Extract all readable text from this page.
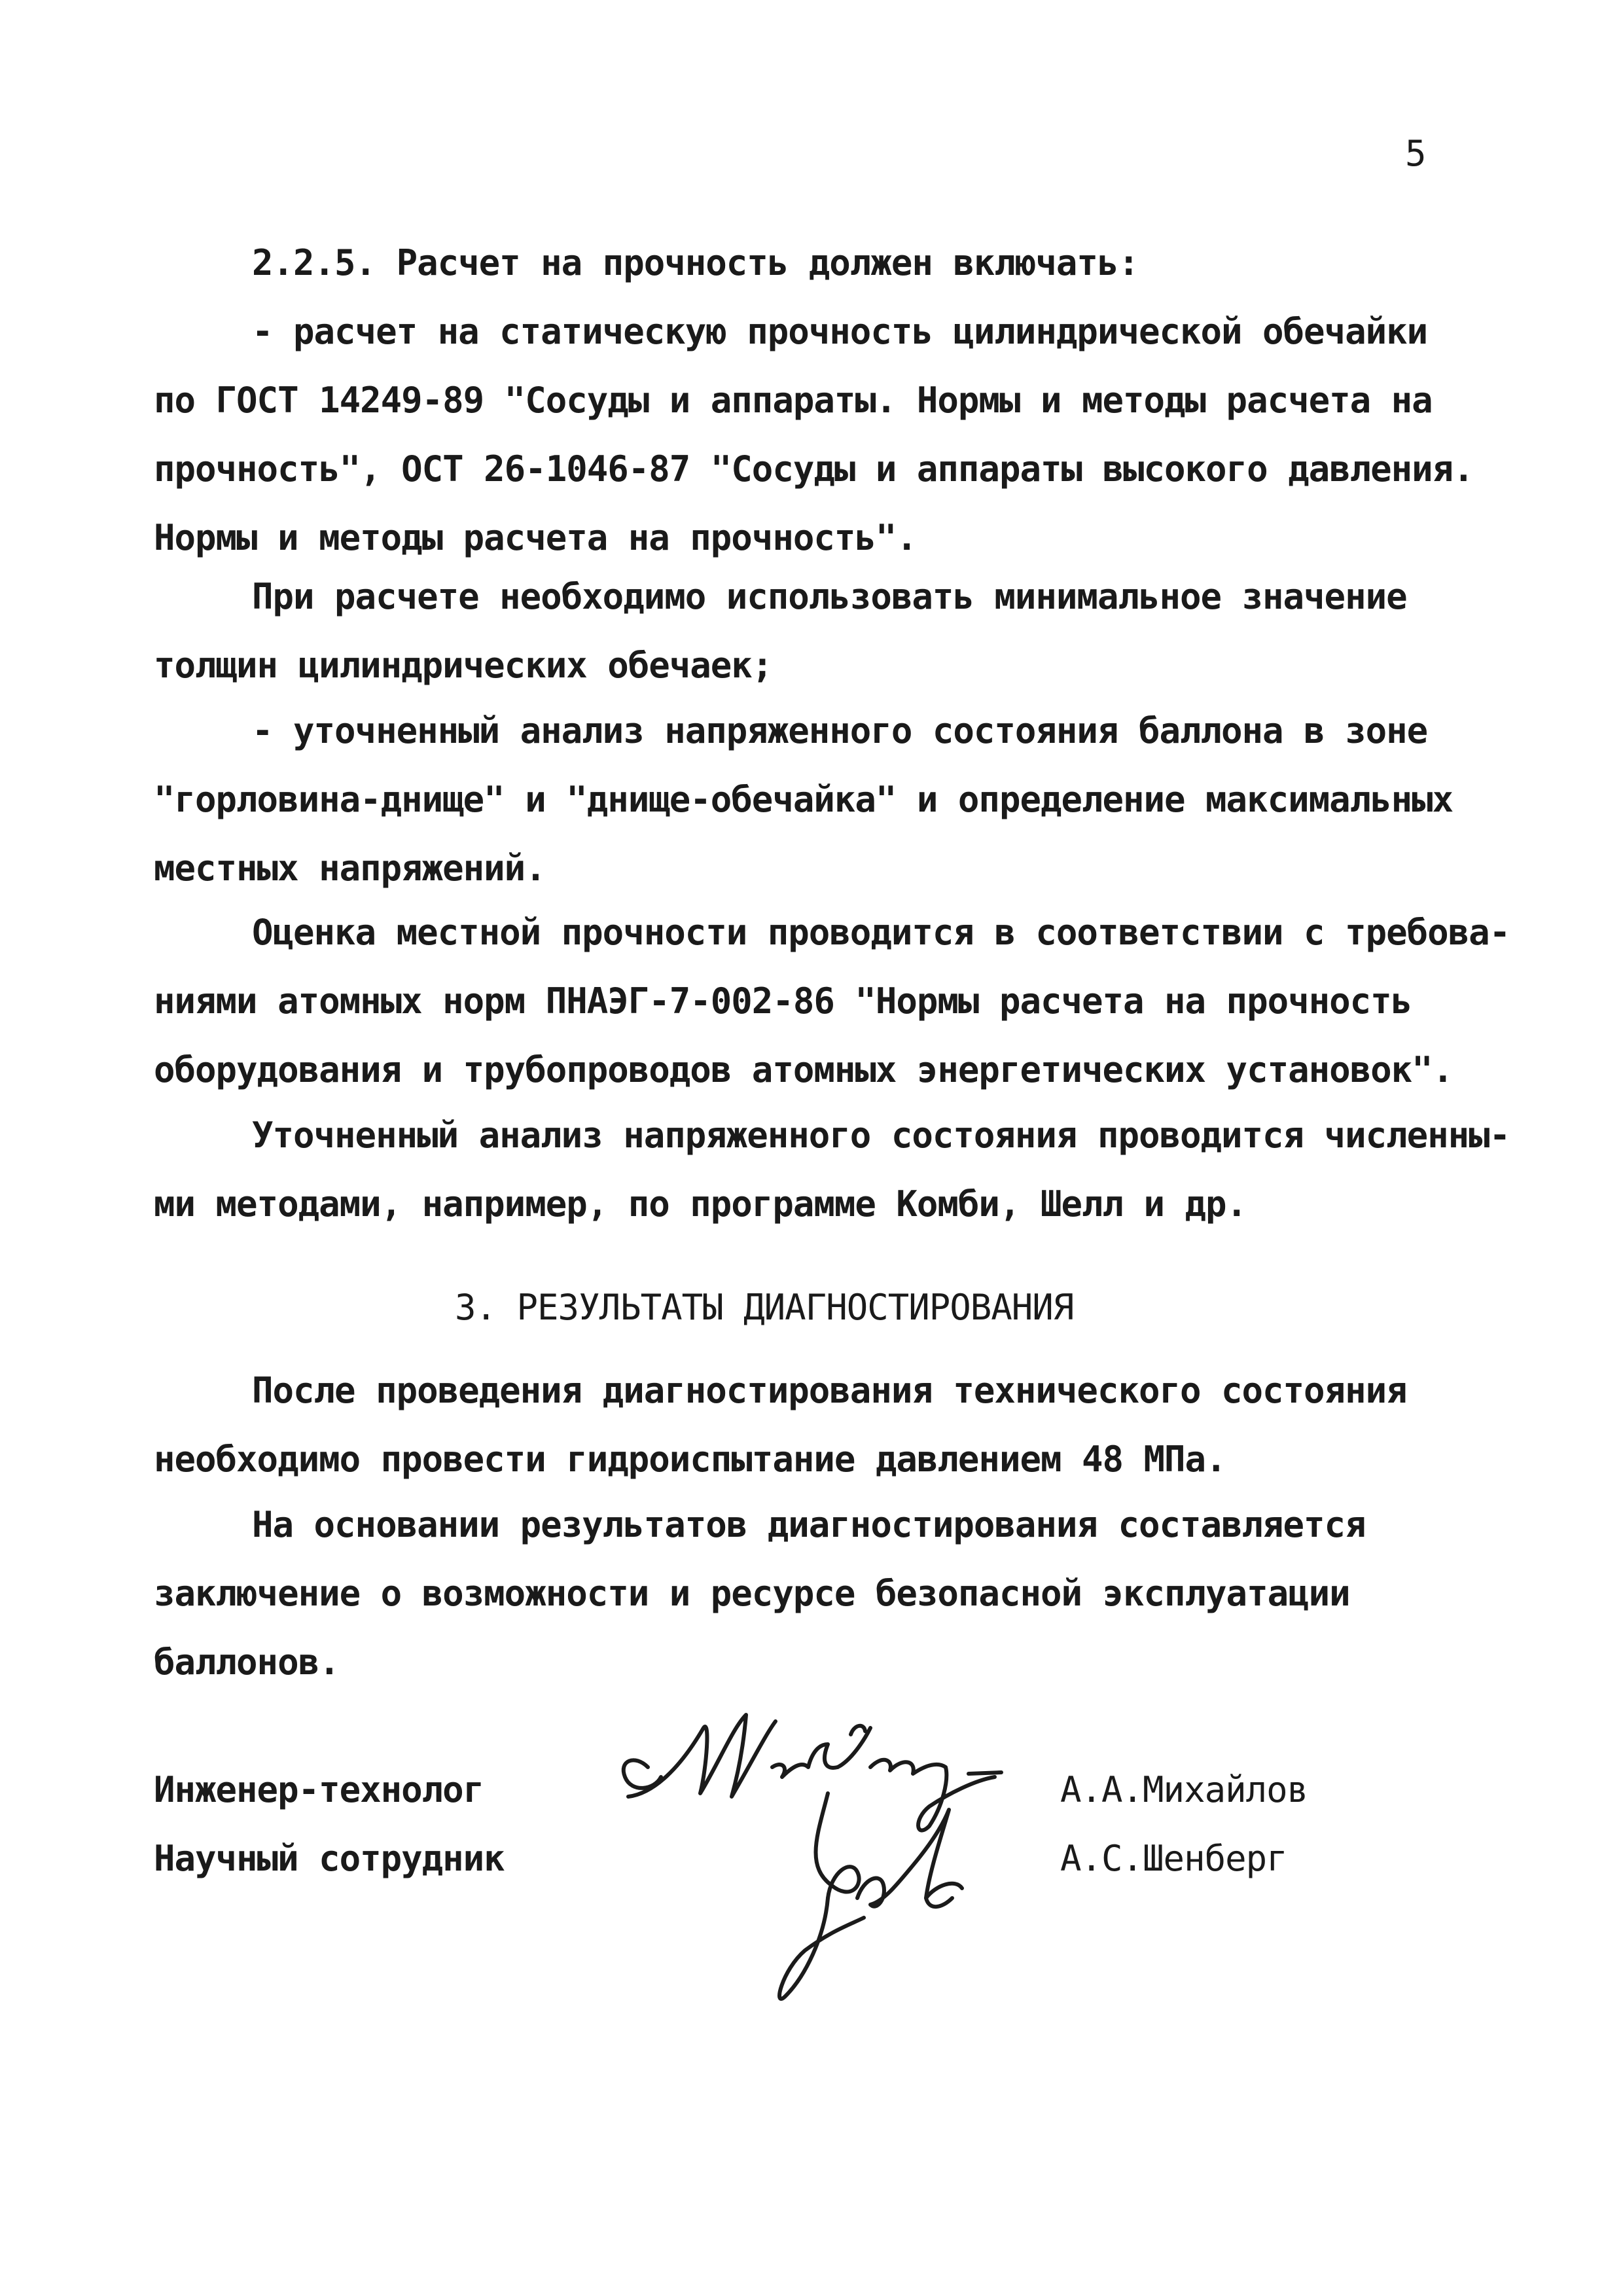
5
2.2.5. Расчет на прочность должен включать:
- расчет на статическую прочность цилиндрической обечайки
по ГОСТ 14249-89 "Сосуды и аппараты. Нормы и методы расчета на
прочность", ОСТ 26-1046-87 "Сосуды и аппараты высокого давления.
Нормы и методы расчета на прочность".
При расчете необходимо использовать минимальное значение
толщин цилиндрических обечаек;
- уточненный анализ напряженного состояния баллона в зоне
"горловина-днище" и "днище-обечайка" и определение максимальных
местных напряжений.
Оценка местной прочности проводится в соответствии с требова-
ниями атомных норм ПНАЭГ-7-002-86 "Нормы расчета на прочность
оборудования и трубопроводов атомных энергетических установок".
Уточненный анализ напряженного состояния проводится численны-
ми методами, например, по программе Комби, Шелл и др.
3. РЕЗУЛЬТАТЫ ДИАГНОСТИРОВАНИЯ
После проведения диагностирования технического состояния
необходимо провести гидроиспытание давлением 48 МПа.
На основании результатов диагностирования составляется
заключение о возможности и ресурсе безопасной эксплуатации
баллонов.
Инженер-технолог	А.А.Михайлов
Научный сотрудник	А.С.Шенберг
